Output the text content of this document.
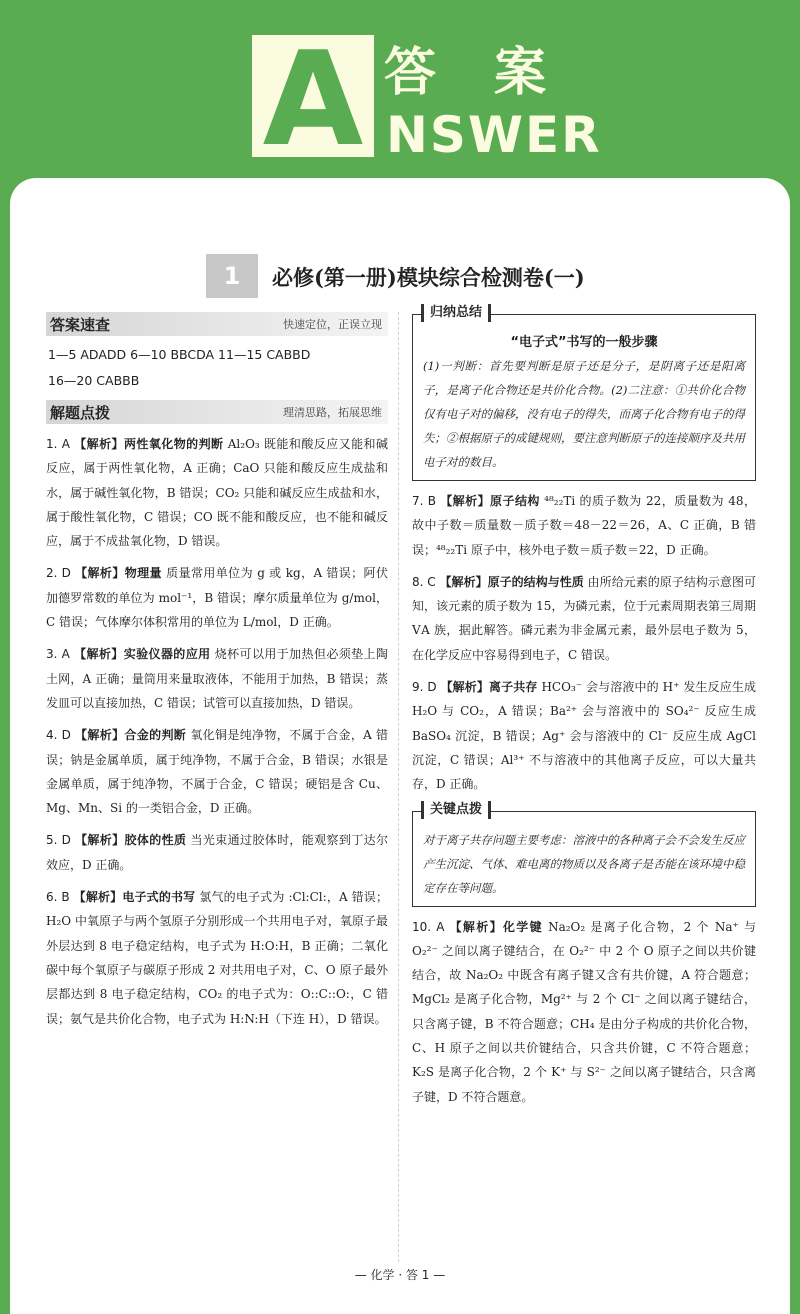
A 答案
NSWER
1	必修(第一册)模块综合检测卷(一)
答案速查	快速定位，正误立现
1—5 ADADD 6—10 BBCDA 11—15 CABBD
16—20 CABBB
解题点拨	理清思路，拓展思维
1. A 【解析】两性氧化物的判断 Al₂O₃ 既能和酸反应又能和碱反应，属于两性氧化物，A 正确；CaO 只能和酸反应生成盐和水，属于碱性氧化物，B 错误；CO₂ 只能和碱反应生成盐和水，属于酸性氧化物，C 错误；CO 既不能和酸反应，也不能和碱反应，属于不成盐氧化物，D 错误。
2. D 【解析】物理量 质量常用单位为 g 或 kg，A 错误；阿伏加德罗常数的单位为 mol⁻¹，B 错误；摩尔质量单位为 g/mol，C 错误；气体摩尔体积常用的单位为 L/mol，D 正确。
3. A 【解析】实验仪器的应用 烧杯可以用于加热但必须垫上陶土网，A 正确；量筒用来量取液体，不能用于加热，B 错误；蒸发皿可以直接加热，C 错误；试管可以直接加热，D 错误。
4. D 【解析】合金的判断 氧化铜是纯净物，不属于合金，A 错误；钠是金属单质，属于纯净物，不属于合金，B 错误；水银是金属单质，属于纯净物，不属于合金，C 错误；硬铝是含 Cu、Mg、Mn、Si 的一类铝合金，D 正确。
5. D 【解析】胶体的性质 当光束通过胶体时，能观察到丁达尔效应，D 正确。
6. B 【解析】电子式的书写 氯气的电子式为 :Cl:Cl:，A 错误；H₂O 中氧原子与两个氢原子分别形成一个共用电子对，氧原子最外层达到 8 电子稳定结构，电子式为 H:O:H，B 正确；二氧化碳中每个氧原子与碳原子形成 2 对共用电子对，C、O 原子最外层都达到 8 电子稳定结构，CO₂ 的电子式为：O::C::O:，C 错误；氨气是共价化合物，电子式为 H:N:H（下连 H），D 错误。
归纳总结
“电子式”书写的一般步骤
(1)一判断：首先要判断是原子还是分子，是阴离子还是阳离子，是离子化合物还是共价化合物。(2)二注意：①共价化合物仅有电子对的偏移，没有电子的得失，而离子化合物有电子的得失；②根据原子的成键规则，要注意判断原子的连接顺序及共用电子对的数目。
7. B 【解析】原子结构 ⁴⁸₂₂Ti 的质子数为 22，质量数为 48，故中子数＝质量数－质子数＝48－22＝26，A、C 正确，B 错误；⁴⁸₂₂Ti 原子中，核外电子数＝质子数＝22，D 正确。
8. C 【解析】原子的结构与性质 由所给元素的原子结构示意图可知，该元素的质子数为 15，为磷元素，位于元素周期表第三周期ⅤA 族，据此解答。磷元素为非金属元素，最外层电子数为 5，在化学反应中容易得到电子，C 错误。
9. D 【解析】离子共存 HCO₃⁻ 会与溶液中的 H⁺ 发生反应生成 H₂O 与 CO₂，A 错误；Ba²⁺ 会与溶液中的 SO₄²⁻ 反应生成 BaSO₄ 沉淀，B 错误；Ag⁺ 会与溶液中的 Cl⁻ 反应生成 AgCl 沉淀，C 错误；Al³⁺ 不与溶液中的其他离子反应，可以大量共存，D 正确。
关键点拨
对于离子共存问题主要考虑：溶液中的各种离子会不会发生反应产生沉淀、气体、难电离的物质以及各离子是否能在该环境中稳定存在等问题。
10. A 【解析】化学键 Na₂O₂ 是离子化合物，2 个 Na⁺ 与 O₂²⁻ 之间以离子键结合，在 O₂²⁻ 中 2 个 O 原子之间以共价键结合，故 Na₂O₂ 中既含有离子键又含有共价键，A 符合题意；MgCl₂ 是离子化合物，Mg²⁺ 与 2 个 Cl⁻ 之间以离子键结合，只含离子键，B 不符合题意；CH₄ 是由分子构成的共价化合物，C、H 原子之间以共价键结合，只含共价键，C 不符合题意；K₂S 是离子化合物，2 个 K⁺ 与 S²⁻ 之间以离子键结合，只含离子键，D 不符合题意。
— 化学 · 答 1 —
